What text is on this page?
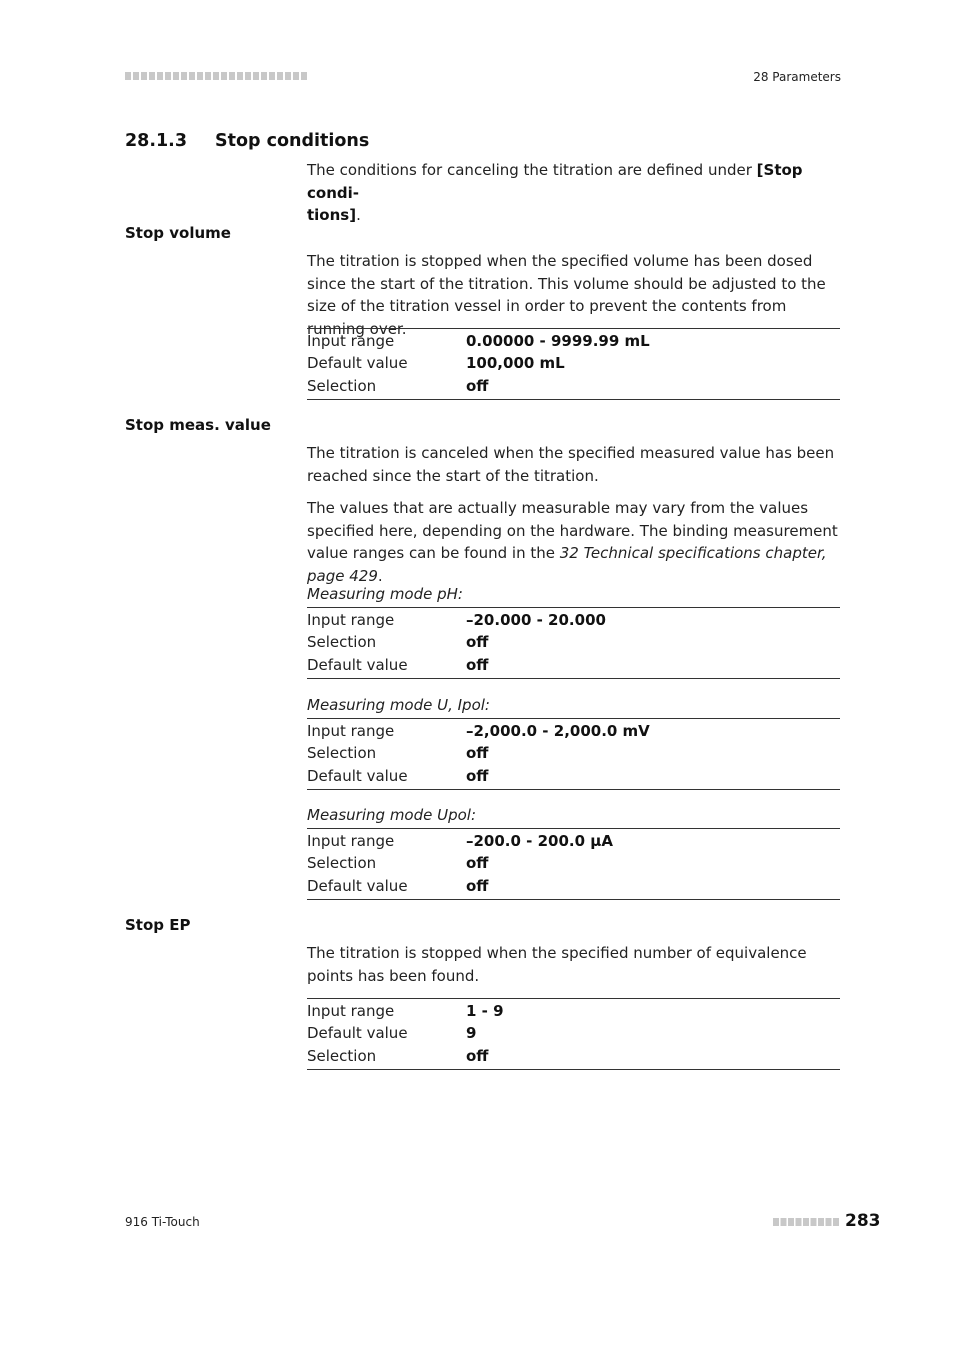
28 Parameters
28.1.3 Stop conditions
The conditions for canceling the titration are defined under [Stop condi-
tions].
Stop volume
The titration is stopped when the specified volume has been dosed since the start of the titration. This volume should be adjusted to the size of the titration vessel in order to prevent the contents from running over.
Input range	0.00000 - 9999.99 mL
Default value	100,000 mL
Selection	off
Stop meas. value
The titration is canceled when the specified measured value has been reached since the start of the titration.
The values that are actually measurable may vary from the values specified here, depending on the hardware. The binding measurement value ranges can be found in the 32 Technical specifications chapter, page 429.
Measuring mode pH:
Input range	–20.000 - 20.000
Selection	off
Default value	off
Measuring mode U, Ipol:
Input range	–2,000.0 - 2,000.0 mV
Selection	off
Default value	off
Measuring mode Upol:
Input range	–200.0 - 200.0 µA
Selection	off
Default value	off
Stop EP
The titration is stopped when the specified number of equivalence points has been found.
Input range	1 - 9
Default value	9
Selection	off
916 Ti-Touch	283
